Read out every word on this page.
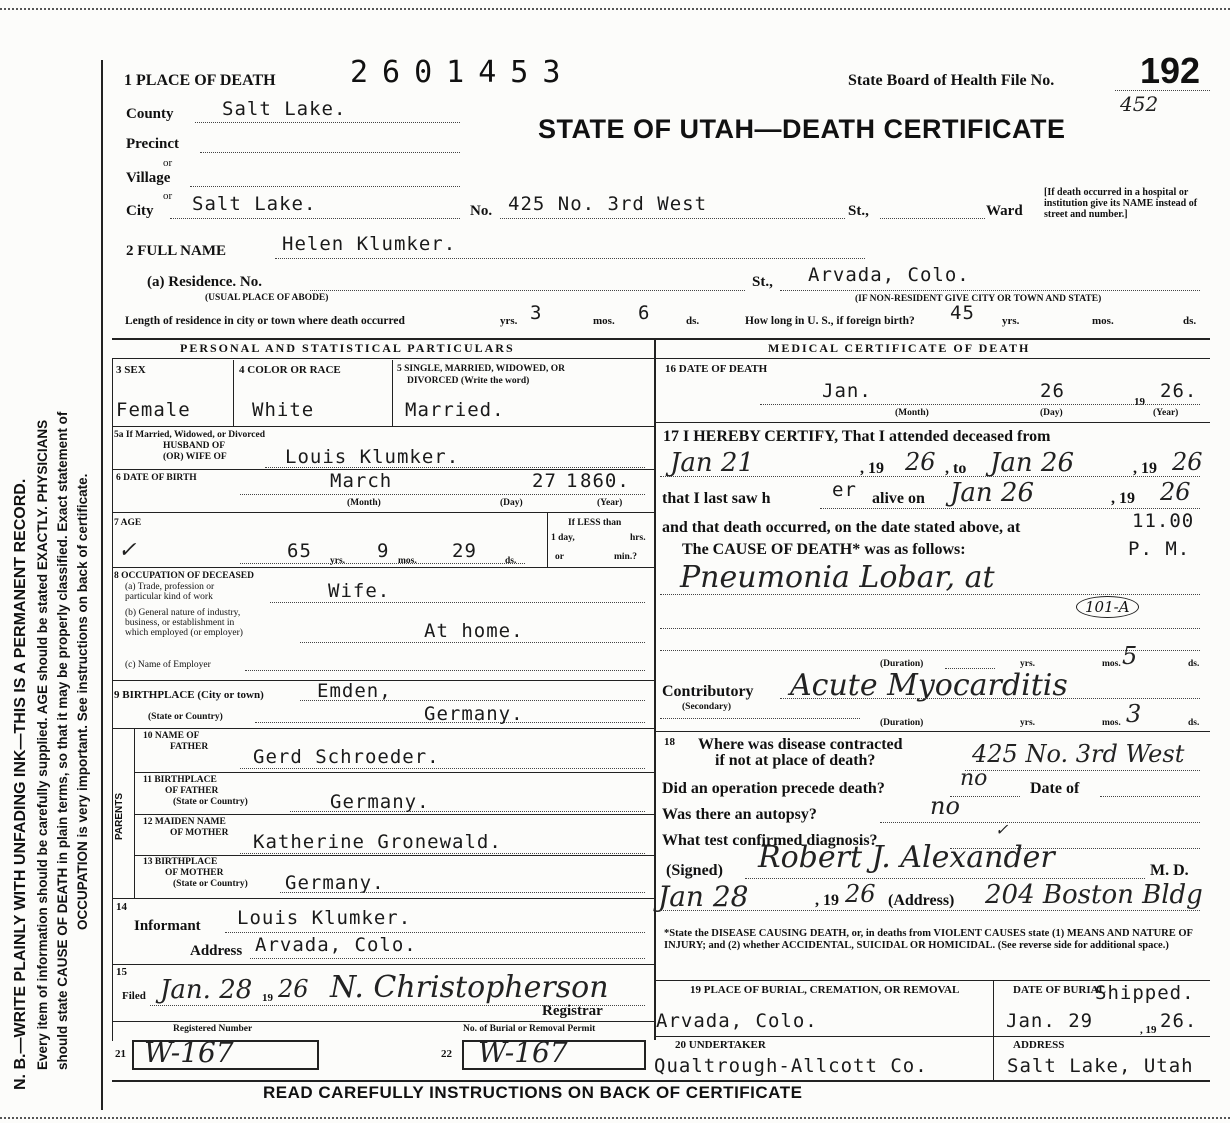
N. B.—WRITE PLAINLY WITH UNFADING INK—THIS IS A PERMANENT RECORD. Every item of information should be carefully supplied. AGE should be stated EXACTLY. PHYSICIANS should state CAUSE OF DEATH in plain terms, so that it may be properly classified. Exact statement of OCCUPATION is very important. See instructions on back of certificate.
1 PLACE OF DEATH 2601453	State Board of Health File No. 192
452
STATE OF UTAH—DEATH CERTIFICATE
County	Salt Lake.
Precinct
or
Village
or
City Salt Lake.	No. 425 No. 3rd West	St.,	Ward
[If death occurred in a hospital or institution give its NAME instead of street and number.]
2 FULL NAME	Helen Klumker.
(a) Residence. No.	St., Arvada, Colo.
(USUAL PLACE OF ABODE)	(IF NON-RESIDENT GIVE CITY OR TOWN AND STATE)
Length of residence in city or town where death occurred	yrs. 3	mos. 6	ds.	How long in U. S., if foreign birth? 45 yrs.	mos.	ds.
PERSONAL AND STATISTICAL PARTICULARS	MEDICAL CERTIFICATE OF DEATH
3 SEX
Female
4 COLOR OR RACE
White
5 SINGLE, MARRIED, WIDOWED, OR
DIVORCED (Write the word)
Married.
5a If Married, Widowed, or Divorced
HUSBAND OF
(OR) WIFE OF	Louis Klumker.
6 DATE OF BIRTH	March	27 1 860.
(Month)	(Day)	(Year)
7 AGE
✓	65 yrs. 9 mos. 29	ds.
If LESS than
1 day,	hrs.
or	min.?
8 OCCUPATION OF DECEASED
(a) Trade, profession or
particular kind of work	Wife.
(b) General nature of industry,
business, or establishment in
which employed (or employer)	At home.
(c) Name of Employer
9 BIRTHPLACE (City or town)	Emden,
(State or Country)	Germany.
PARENTS
10 NAME OF
FATHER Gerd Schroeder.
11 BIRTHPLACE
OF FATHER
(State or Country)	Germany.
12 MAIDEN NAME
OF MOTHER Katherine Gronewald.
13 BIRTHPLACE
OF MOTHER
(State or Country) Germany.
14
Informant Louis Klumker.
Address Arvada, Colo.
15
Filed Jan. 28 19 26 N. Christopherson
Registrar
Registered Number
21 W-167
No. of Burial or Removal Permit
22 W-167
16 DATE OF DEATH
Jan.	26	19 26.
(Month)	(Day)	(Year)
17 I HEREBY CERTIFY, That I attended deceased from
Jan 21	, 19 26 , to Jan 26	, 19 26
that I last saw h	er alive on Jan 26	, 19 26
and that death occurred, on the date stated above, at	11.00
The CAUSE OF DEATH* was as follows:	P. M.
Pneumonia Lobar, at
101-A
(Duration)	yrs.	mos. 5	ds.
Contributory
(Secondary)
Acute Myocarditis
(Duration)	yrs.	mos. 3	ds.
18 Where was disease contracted
if not at place of death?	425 No. 3rd West
Did an operation precede death?	no	Date of
Was there an autopsy?	no
What test confirmed diagnosis?
✓
(Signed) Robert J. Alexander	M. D.
Jan 28	, 19 26 (Address) 204 Boston Bldg
*State the DISEASE CAUSING DEATH, or, in deaths from VIOLENT CAUSES state (1) MEANS AND NATURE OF INJURY; and (2) whether ACCIDENTAL, SUICIDAL OR HOMICIDAL. (See reverse side for additional space.)
19 PLACE OF BURIAL, CREMATION, OR REMOVAL
Arvada, Colo.
DATE OF BURIAL
Shipped.
Jan. 29	, 19 26.
20 UNDERTAKER
Qualtrough-Allcott Co.
ADDRESS
Salt Lake, Utah
READ CAREFULLY INSTRUCTIONS ON BACK OF CERTIFICATE
